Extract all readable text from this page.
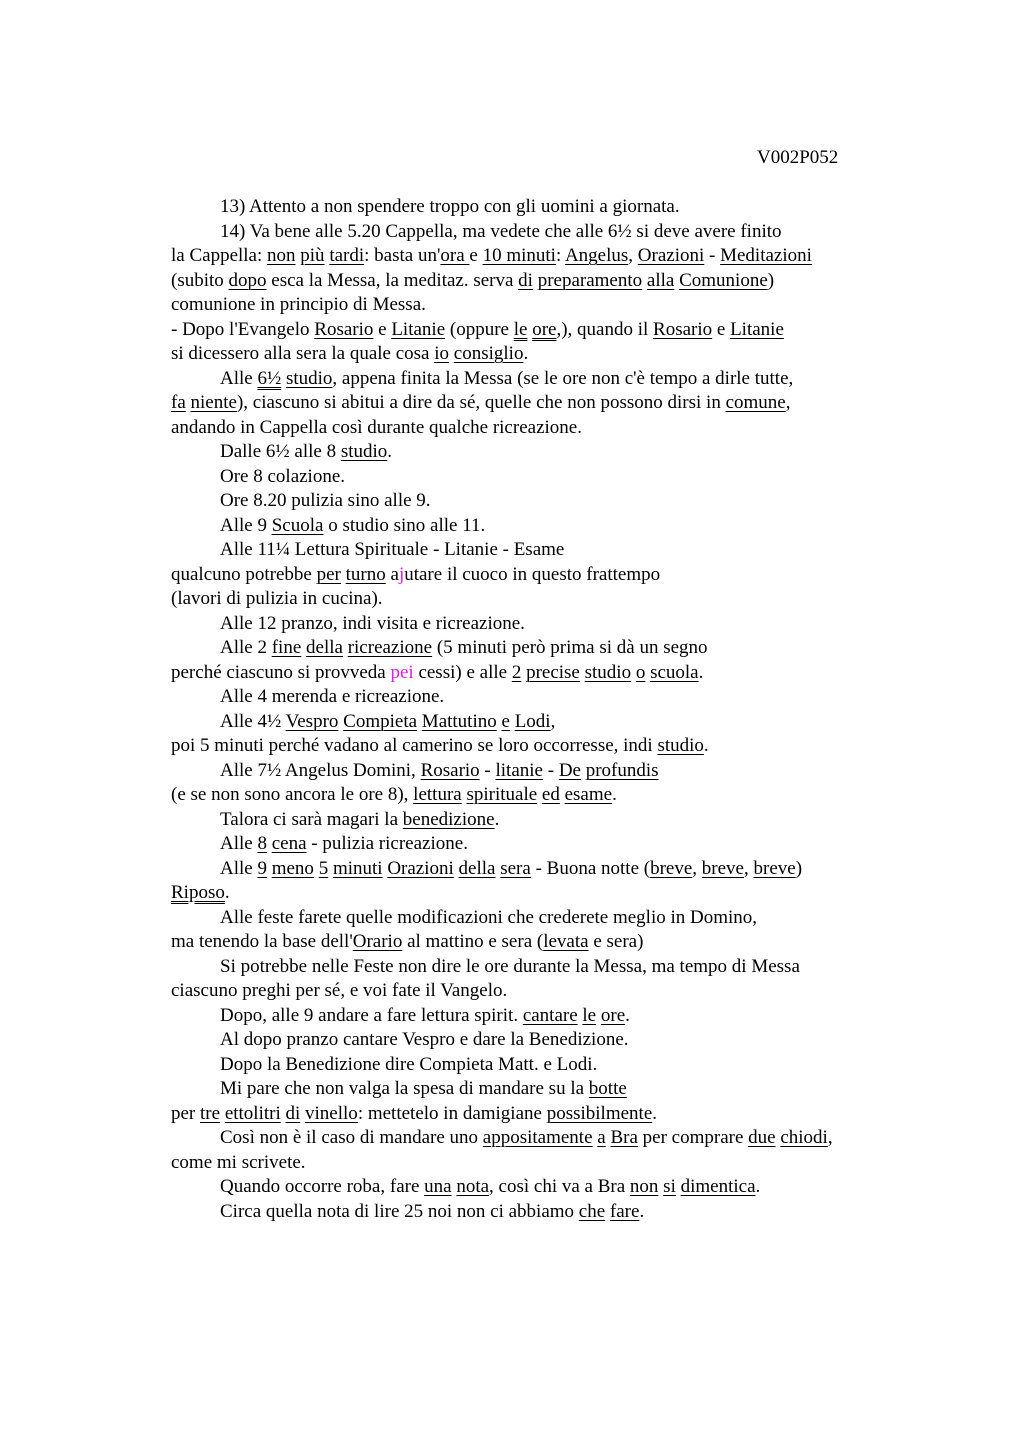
V002P052
13) Attento a non spendere troppo con gli uomini a giornata.
14) Va bene alle 5.20 Cappella, ma vedete che alle 6½ si deve avere finito
la Cappella: non più tardi: basta un'ora e 10 minuti: Angelus, Orazioni - Meditazioni
(subito dopo esca la Messa, la meditaz. serva di preparamento alla Comunione)
comunione in principio di Messa.
- Dopo l'Evangelo Rosario e Litanie (oppure le ore,), quando il Rosario e Litanie
si dicessero alla sera la quale cosa io consiglio.
Alle 6½ studio, appena finita la Messa (se le ore non c'è tempo a dirle tutte,
fa niente), ciascuno si abitui a dire da sé, quelle che non possono dirsi in comune,
andando in Cappella così durante qualche ricreazione.
Dalle 6½ alle 8 studio.
Ore 8 colazione.
Ore 8.20 pulizia sino alle 9.
Alle 9 Scuola o studio sino alle 11.
Alle 11¼ Lettura Spirituale - Litanie - Esame
qualcuno potrebbe per turno ajutare il cuoco in questo frattempo
(lavori di pulizia in cucina).
Alle 12 pranzo, indi visita e ricreazione.
Alle 2 fine della ricreazione (5 minuti però prima si dà un segno
perché ciascuno si provveda pei cessi) e alle 2 precise studio o scuola.
Alle 4 merenda e ricreazione.
Alle 4½ Vespro Compieta Mattutino e Lodi,
poi 5 minuti perché vadano al camerino se loro occorresse, indi studio.
Alle 7½ Angelus Domini, Rosario - litanie - De profundis
(e se non sono ancora le ore 8), lettura spirituale ed esame.
Talora ci sarà magari la benedizione.
Alle 8 cena - pulizia ricreazione.
Alle 9 meno 5 minuti Orazioni della sera - Buona notte (breve, breve, breve)
Riposo.
Alle feste farete quelle modificazioni che crederete meglio in Domino,
ma tenendo la base dell'Orario al mattino e sera (levata e sera)
Si potrebbe nelle Feste non dire le ore durante la Messa, ma tempo di Messa
ciascuno preghi per sé, e voi fate il Vangelo.
Dopo, alle 9 andare a fare lettura spirit. cantare le ore.
Al dopo pranzo cantare Vespro e dare la Benedizione.
Dopo la Benedizione dire Compieta Matt. e Lodi.
Mi pare che non valga la spesa di mandare su la botte
per tre ettolitri di vinello: mettetelo in damigiane possibilmente.
Così non è il caso di mandare uno appositamente a Bra per comprare due chiodi,
come mi scrivete.
Quando occorre roba, fare una nota, così chi va a Bra non si dimentica.
Circa quella nota di lire 25 noi non ci abbiamo che fare.
